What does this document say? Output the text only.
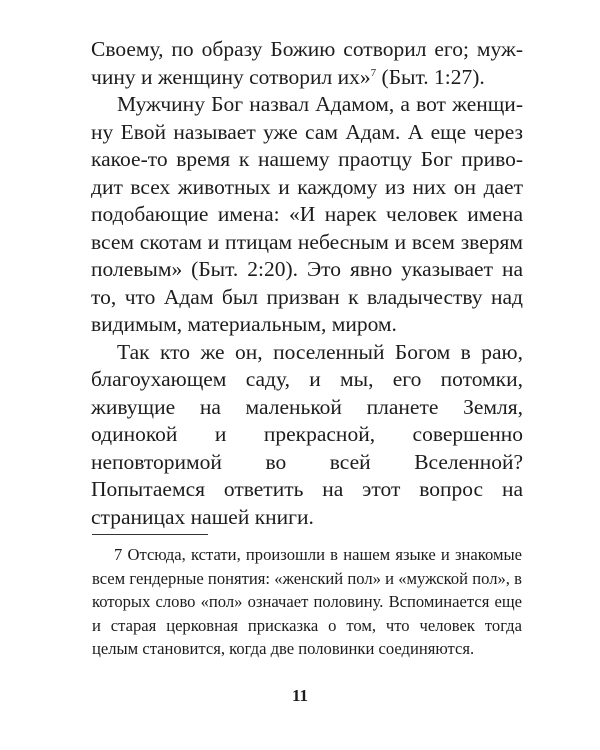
Своему, по образу Божию сотворил его; мужчину и женщину сотворил их»$^7$ (Быт. 1:27).

Мужчину Бог назвал Адамом, а вот женщину Евой называет уже сам Адам. А еще через какое-то время к нашему праотцу Бог приводит всех животных и каждому из них он дает подобающие имена: «И нарек человек имена всем скотам и птицам небесным и всем зверям полевым» (Быт. 2:20). Это явно указывает на то, что Адам был призван к владычеству над видимым, материальным, миром.

Так кто же он, поселенный Богом в раю, благоухающем саду, и мы, его потомки, живущие на маленькой планете Земля, одинокой и прекрасной, совершенно неповторимой во всей Вселенной? Попытаемся ответить на этот вопрос на страницах нашей книги.

7 Отсюда, кстати, произошли в нашем языке и знакомые всем гендерные понятия: «женский пол» и «мужской пол», в которых слово «пол» означает половину. Вспоминается еще и старая церковная присказка о том, что человек тогда целым становится, когда две половинки соединяются.

11
